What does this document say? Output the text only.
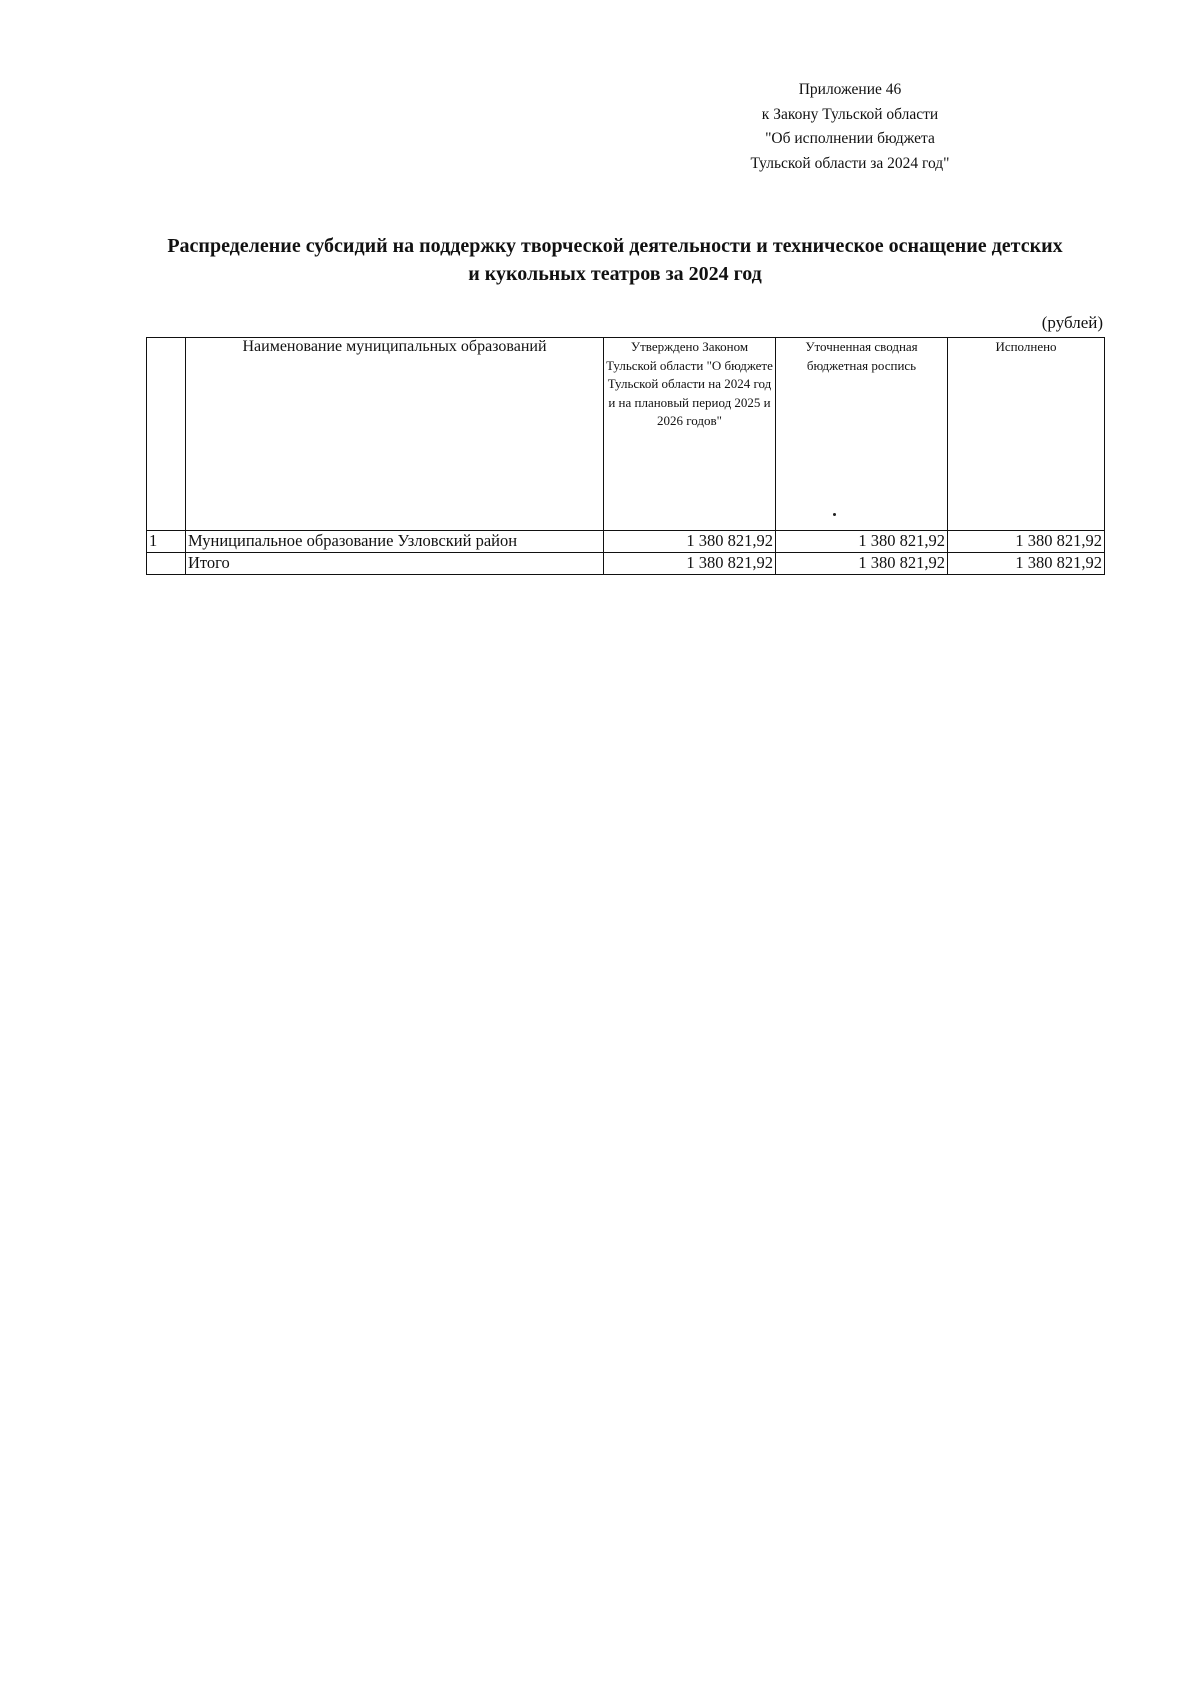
Приложение 46
к Закону Тульской области
"Об исполнении бюджета
Тульской области за 2024 год"
Распределение субсидий на поддержку творческой деятельности и техническое оснащение детских
и кукольных театров за 2024 год
(рублей)
	Наименование муниципальных образований	Утверждено Законом Тульской области "О бюджете Тульской области на 2024 год и на плановый период 2025 и 2026 годов"	Уточненная сводная бюджетная роспись	Исполнено
1	Муниципальное образование Узловский район	1 380 821,92	1 380 821,92	1 380 821,92
	Итого	1 380 821,92	1 380 821,92	1 380 821,92
